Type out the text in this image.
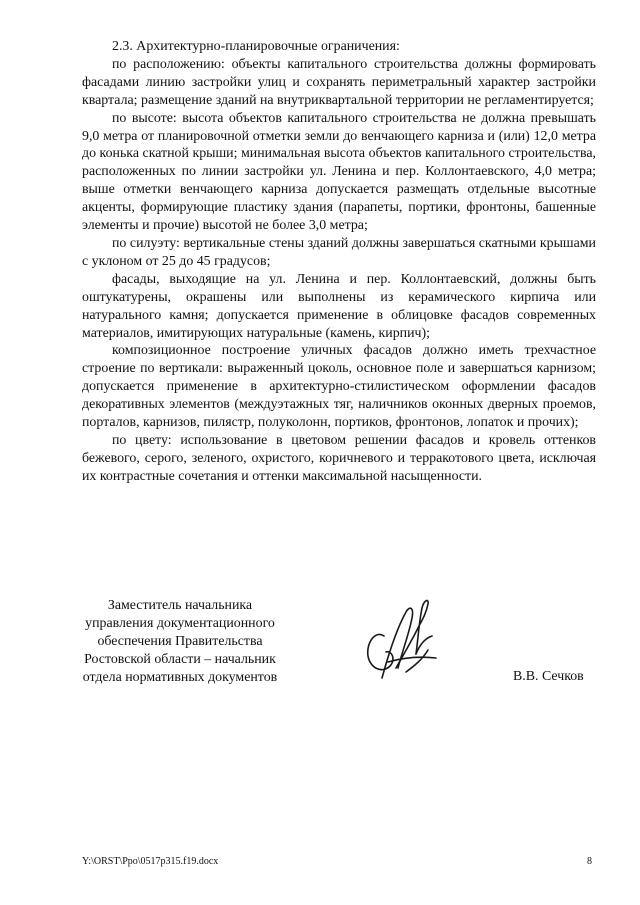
2.3. Архитектурно-планировочные ограничения:

по расположению: объекты капитального строительства должны формировать фасадами линию застройки улиц и сохранять периметральный характер застройки квартала; размещение зданий на внутриквартальной территории не регламентируется;

по высоте: высота объектов капитального строительства не должна превышать 9,0 метра от планировочной отметки земли до венчающего карниза и (или) 12,0 метра до конька скатной крыши; минимальная высота объектов капитального строительства, расположенных по линии застройки ул. Ленина и пер. Коллонтаевского, 4,0 метра; выше отметки венчающего карниза допускается размещать отдельные высотные акценты, формирующие пластику здания (парапеты, портики, фронтоны, башенные элементы и прочие) высотой не более 3,0 метра;

по силуэту: вертикальные стены зданий должны завершаться скатными крышами с уклоном от 25 до 45 градусов;

фасады, выходящие на ул. Ленина и пер. Коллонтаевский, должны быть оштукатурены, окрашены или выполнены из керамического кирпича или натурального камня; допускается применение в облицовке фасадов современных материалов, имитирующих натуральные (камень, кирпич);

композиционное построение уличных фасадов должно иметь трехчастное строение по вертикали: выраженный цоколь, основное поле и завершаться карнизом; допускается применение в архитектурно-стилистическом оформлении фасадов декоративных элементов (междуэтажных тяг, наличников оконных дверных проемов, порталов, карнизов, пилястр, полуколонн, портиков, фронтонов, лопаток и прочих);

по цвету: использование в цветовом решении фасадов и кровель оттенков бежевого, серого, зеленого, охристого, коричневого и терракотового цвета, исключая их контрастные сочетания и оттенки максимальной насыщенности.

Заместитель начальника
управления документационного
обеспечения Правительства
Ростовской области – начальник
отдела нормативных документов	В.В. Сечков
Y:\ORST\Ppo\0517p315.f19.docx	8
